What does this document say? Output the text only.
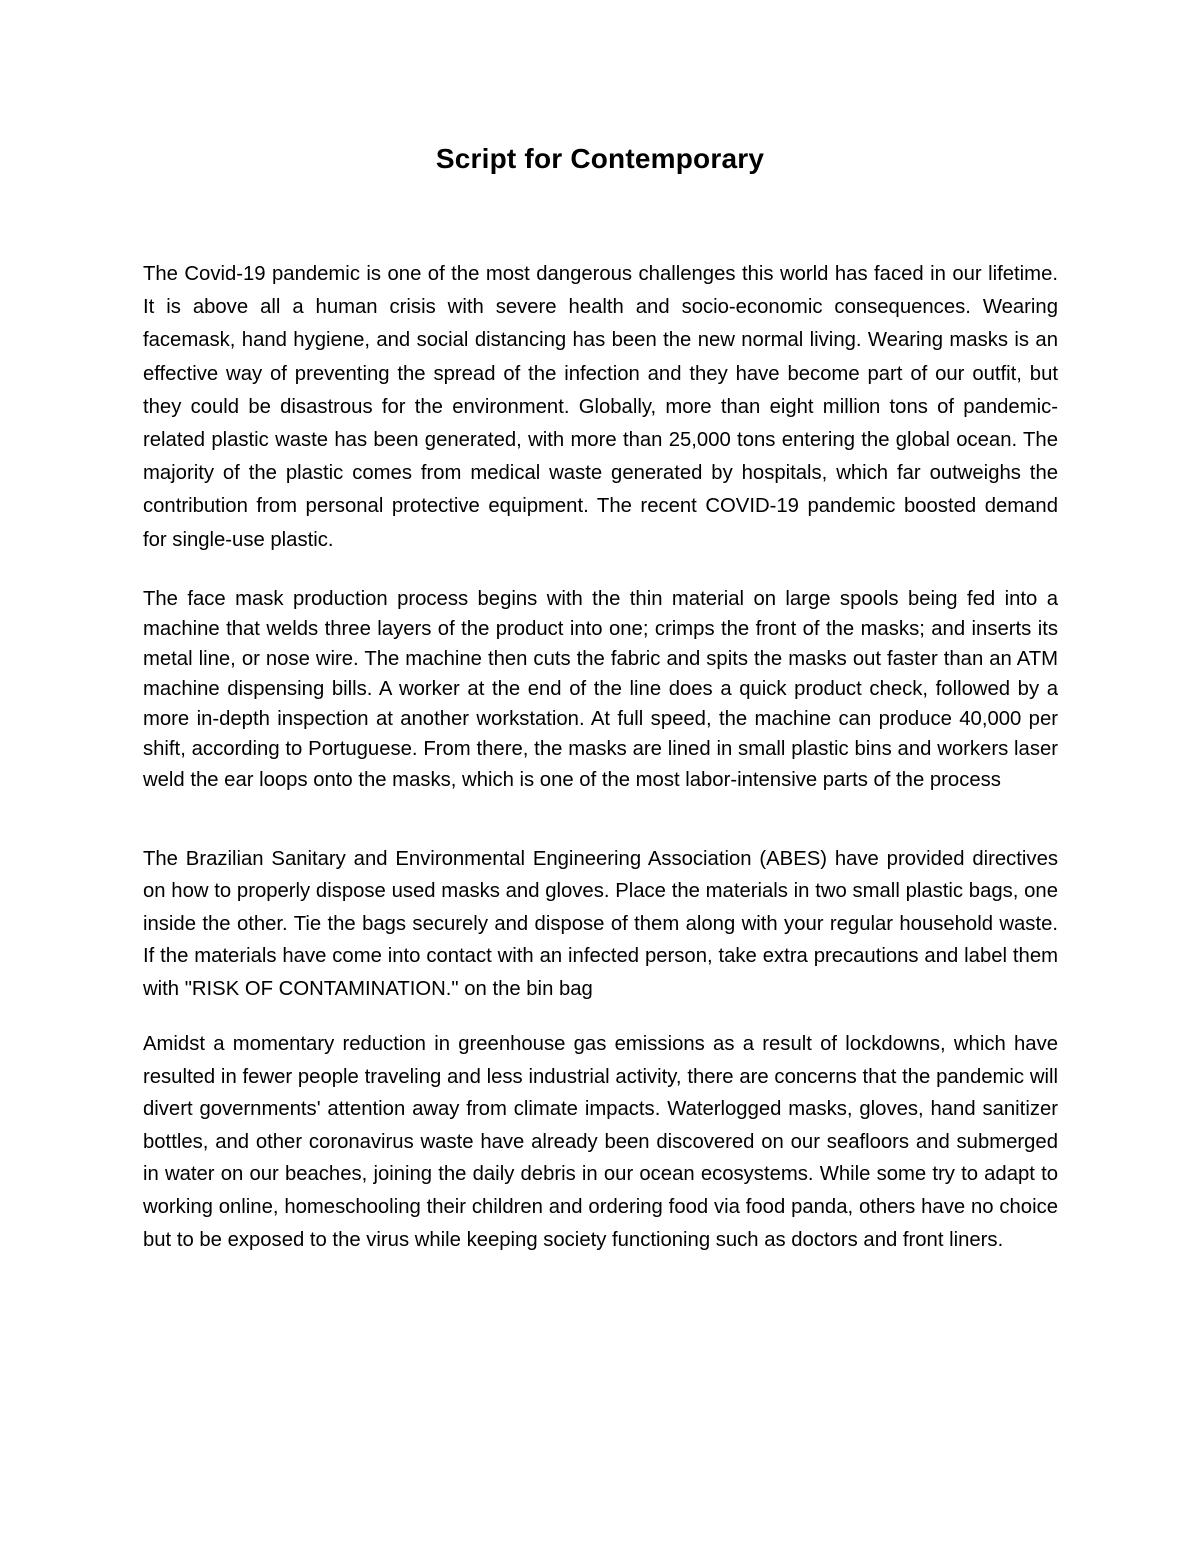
Script for Contemporary

The Covid-19 pandemic is one of the most dangerous challenges this world has faced in our lifetime. It is above all a human crisis with severe health and socio-economic consequences. Wearing facemask, hand hygiene, and social distancing has been the new normal living. Wearing masks is an effective way of preventing the spread of the infection and they have become part of our outfit, but they could be disastrous for the environment. Globally, more than eight million tons of pandemic-related plastic waste has been generated, with more than 25,000 tons entering the global ocean. The majority of the plastic comes from medical waste generated by hospitals, which far outweighs the contribution from personal protective equipment. The recent COVID-19 pandemic boosted demand for single-use plastic.

The face mask production process begins with the thin material on large spools being fed into a machine that welds three layers of the product into one; crimps the front of the masks; and inserts its metal line, or nose wire. The machine then cuts the fabric and spits the masks out faster than an ATM machine dispensing bills. A worker at the end of the line does a quick product check, followed by a more in-depth inspection at another workstation. At full speed, the machine can produce 40,000 per shift, according to Portuguese. From there, the masks are lined in small plastic bins and workers laser weld the ear loops onto the masks, which is one of the most labor-intensive parts of the process

The Brazilian Sanitary and Environmental Engineering Association (ABES) have provided directives on how to properly dispose used masks and gloves. Place the materials in two small plastic bags, one inside the other. Tie the bags securely and dispose of them along with your regular household waste. If the materials have come into contact with an infected person, take extra precautions and label them with "RISK OF CONTAMINATION." on the bin bag

Amidst a momentary reduction in greenhouse gas emissions as a result of lockdowns, which have resulted in fewer people traveling and less industrial activity, there are concerns that the pandemic will divert governments' attention away from climate impacts. Waterlogged masks, gloves, hand sanitizer bottles, and other coronavirus waste have already been discovered on our seafloors and submerged in water on our beaches, joining the daily debris in our ocean ecosystems. While some try to adapt to working online, homeschooling their children and ordering food via food panda, others have no choice but to be exposed to the virus while keeping society functioning such as doctors and front liners.
